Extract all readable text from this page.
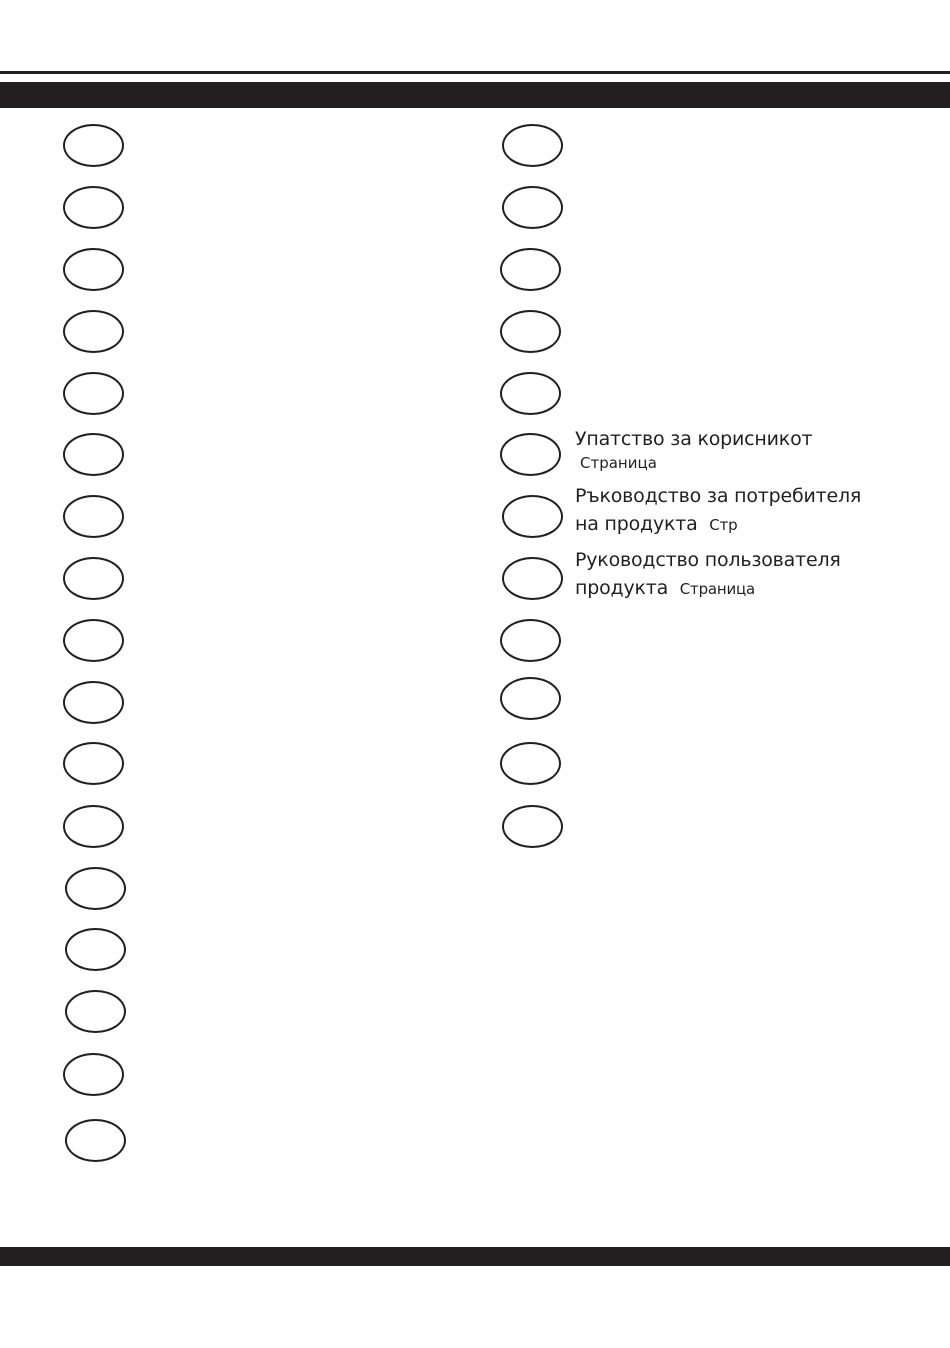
Упатство за корисникот
Страница
Ръководство за потребителя
на продукта Стр
Руководство пользователя
продукта Страница
